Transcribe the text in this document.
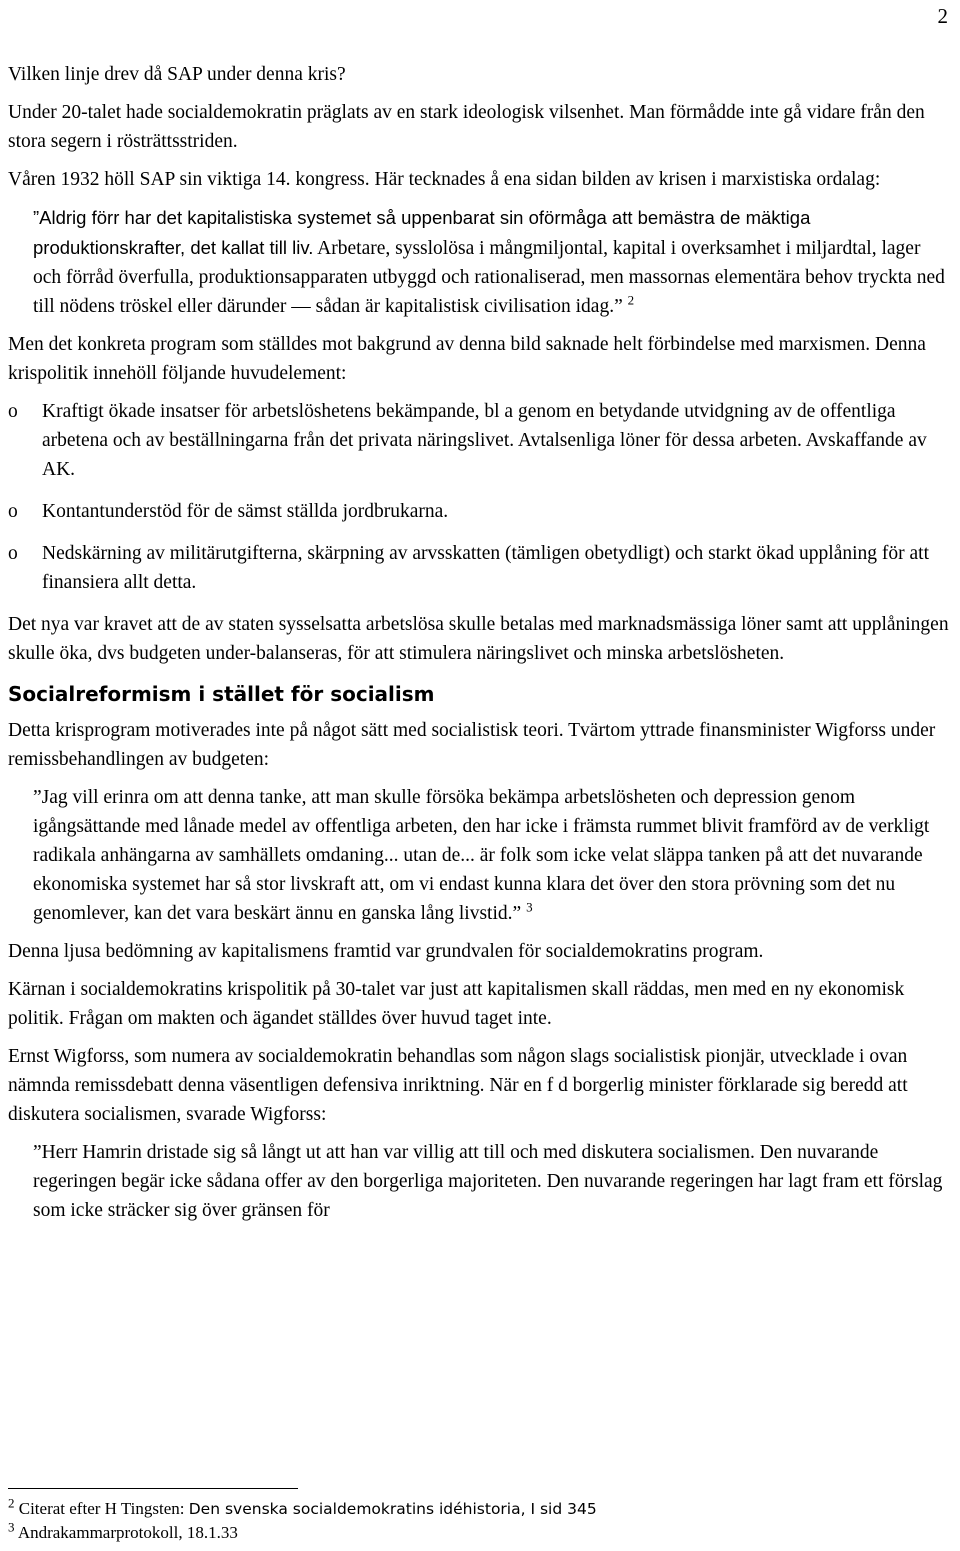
2

Vilken linje drev då SAP under denna kris?

Under 20-talet hade socialdemokratin präglats av en stark ideologisk vilsenhet. Man förmådde inte gå vidare från den stora segern i rösträttsstriden.

Våren 1932 höll SAP sin viktiga 14. kongress. Här tecknades å ena sidan bilden av krisen i marxistiska ordalag:

”Aldrig förr har det kapitalistiska systemet så uppenbarat sin oförmåga att bemästra de mäktiga produktionskrafter, det kallat till liv. Arbetare, sysslolösa i mångmiljontal, kapital i overksamhet i miljardtal, lager och förråd överfulla, produktionsapparaten utbyggd och rationaliserad, men massornas elementära behov tryckta ned till nödens tröskel eller därunder — sådan är kapitalistisk civilisation idag.” $^2$

Men det konkreta program som ställdes mot bakgrund av denna bild saknade helt förbindelse med marxismen. Denna krispolitik innehöll följande huvudelement:

o Kraftigt ökade insatser för arbetslöshetens bekämpande, bl a genom en betydande utvidgning av de offentliga arbetena och av beställningarna från det privata näringslivet. Avtalsenliga löner för dessa arbeten. Avskaffande av AK.
o Kontantunderstöd för de sämst ställda jordbrukarna.
o Nedskärning av militärutgifterna, skärpning av arvsskatten (tämligen obetydligt) och starkt ökad upplåning för att finansiera allt detta.

Det nya var kravet att de av staten sysselsatta arbetslösa skulle betalas med marknadsmässiga löner samt att upplåningen skulle öka, dvs budgeten under-balanseras, för att stimulera näringslivet och minska arbetslösheten.

Socialreformism i stället för socialism

Detta krisprogram motiverades inte på något sätt med socialistisk teori. Tvärtom yttrade finansminister Wigforss under remissbehandlingen av budgeten:

”Jag vill erinra om att denna tanke, att man skulle försöka bekämpa arbetslösheten och depression genom igångsättande med lånade medel av offentliga arbeten, den har icke i främsta rummet blivit framförd av de verkligt radikala anhängarna av samhällets omdaning... utan de... är folk som icke velat släppa tanken på att det nuvarande ekonomiska systemet har så stor livskraft att, om vi endast kunna klara det över den stora prövning som det nu genomlever, kan det vara beskärt ännu en ganska lång livstid.” $^3$

Denna ljusa bedömning av kapitalismens framtid var grundvalen för socialdemokratins program.

Kärnan i socialdemokratins krispolitik på 30-talet var just att kapitalismen skall räddas, men med en ny ekonomisk politik. Frågan om makten och ägandet ställdes över huvud taget inte.

Ernst Wigforss, som numera av socialdemokratin behandlas som någon slags socialistisk pionjär, utvecklade i ovan nämnda remissdebatt denna väsentligen defensiva inriktning. När en f d borgerlig minister förklarade sig beredd att diskutera socialismen, svarade Wigforss:

”Herr Hamrin dristade sig så långt ut att han var villig att till och med diskutera socialismen. Den nuvarande regeringen begär icke sådana offer av den borgerliga majoriteten. Den nuvarande regeringen har lagt fram ett förslag som icke sträcker sig över gränsen för

$^2$ Citerat efter H Tingsten: Den svenska socialdemokratins idéhistoria, I sid 345

$^3$ Andrakammarprotokoll, 18.1.33
